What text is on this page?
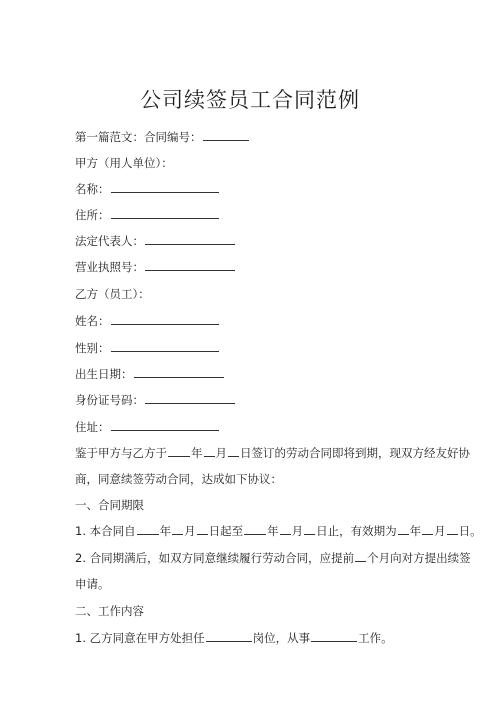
公司续签员工合同范例
第一篇范文：合同编号：
甲方（用人单位）：
名称：
住所：
法定代表人：
营业执照号：
乙方（员工）：
姓名：
性别：
出生日期：
身份证号码：
住址：
鉴于甲方与乙方于 年 月 日签订的劳动合同即将到期，现双方经友好协
商，同意续签劳动合同，达成如下协议：
一、合同期限
1. 本合同自 年 月 日起至 年 月 日止，有效期为 年 月 日。
2. 合同期满后，如双方同意继续履行劳动合同，应提前 个月向对方提出续签
申请。
二、工作内容
1. 乙方同意在甲方处担任	岗位，从事	工作。
